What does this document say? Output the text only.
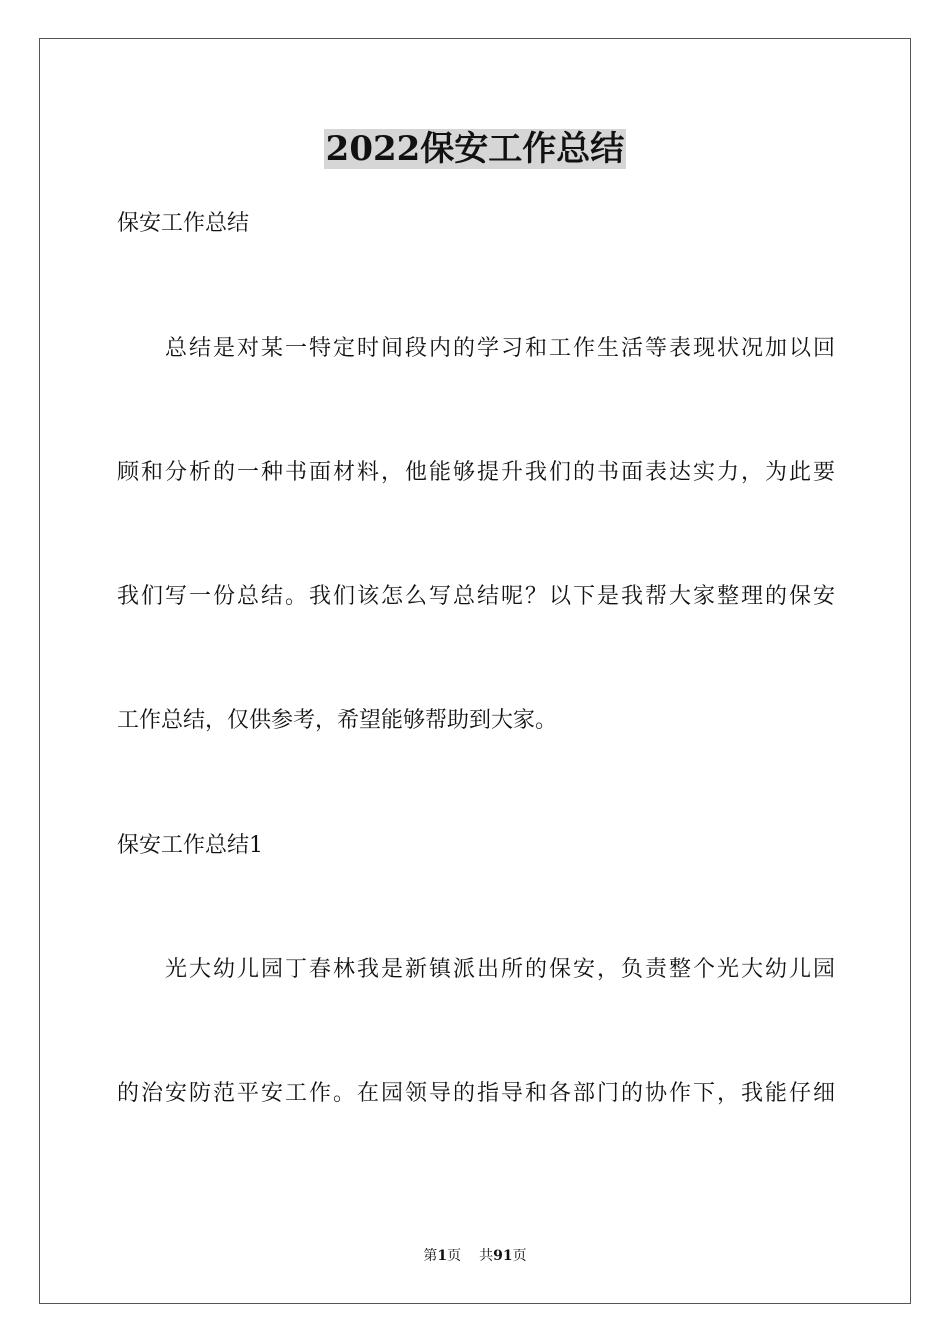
2022保安工作总结

保安工作总结

总结是对某一特定时间段内的学习和工作生活等表现状况加以回

顾和分析的一种书面材料，他能够提升我们的书面表达实力，为此要

我们写一份总结。我们该怎么写总结呢？以下是我帮大家整理的保安

工作总结，仅供参考，希望能够帮助到大家。

保安工作总结1

光大幼儿园丁春林我是新镇派出所的保安，负责整个光大幼儿园

的治安防范平安工作。在园领导的指导和各部门的协作下，我能仔细

第1页 共91页
